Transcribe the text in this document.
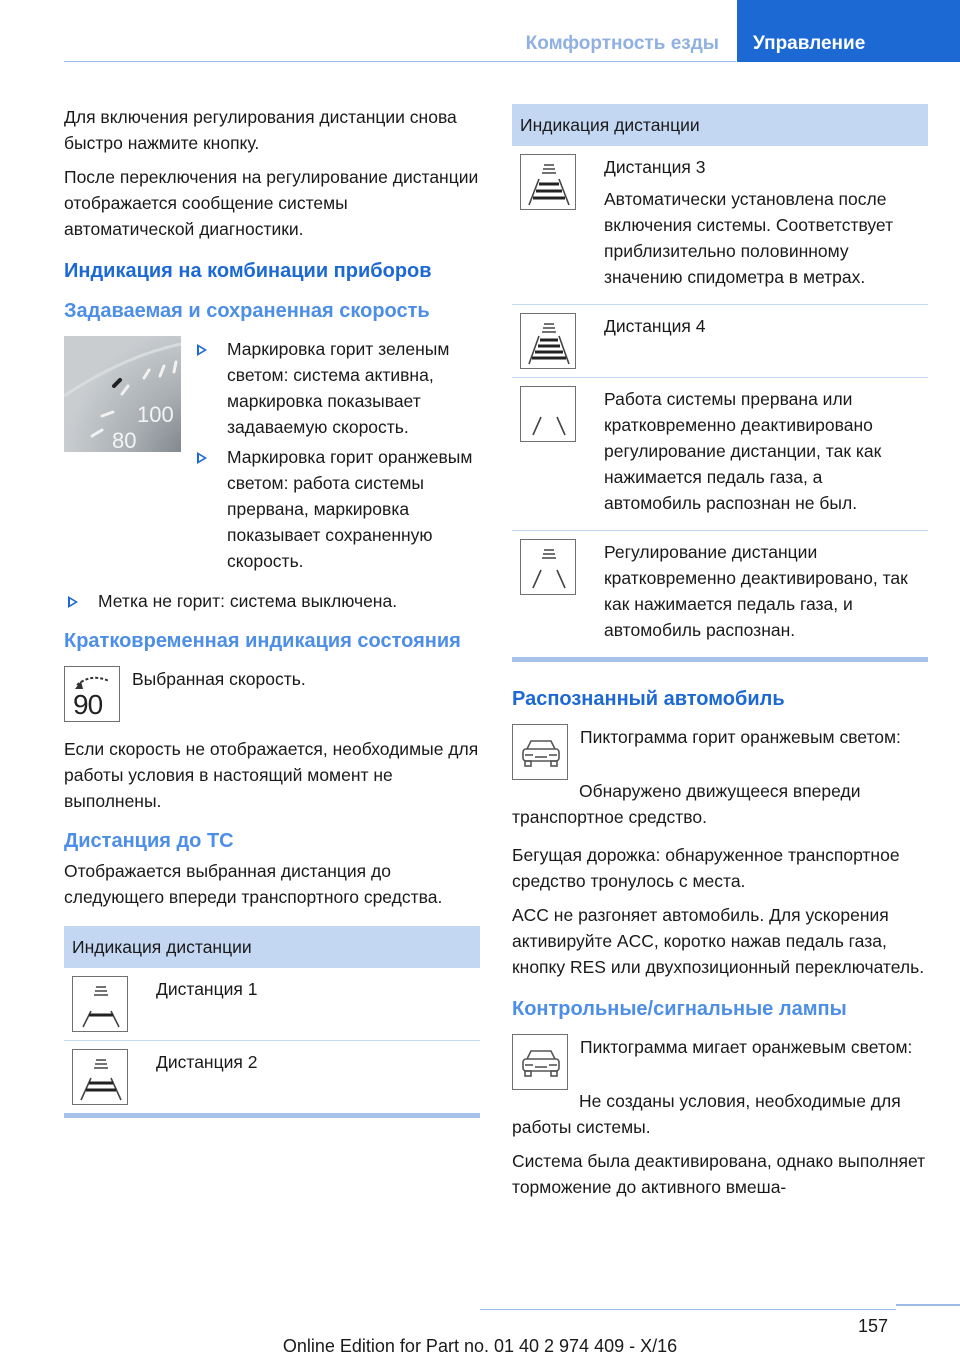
Комфортность езды	Управление

Для включения регулирования дистанции снова быстро нажмите кнопку.

После переключения на регулирование дистанции отображается сообщение системы автоматической диагностики.

Индикация на комбинации приборов
Задаваемая и сохраненная скорость
100
80
Маркировка горит зеленым светом: система активна, маркировка показывает задаваемую скорость.
Маркировка горит оранжевым светом: работа системы прервана, маркировка показывает сохраненную скорость.
Метка не горит: система выключена.
Кратковременная индикация состояния
90
Выбранная скорость.

Если скорость не отображается, необходимые для работы условия в настоящий момент не выполнены.

Дистанция до ТС

Отображается выбранная дистанция до следующего впереди транспортного средства.

Индикация дистанции

Дистанция 1

Дистанция 2

Индикация дистанции

Дистанция 3

Автоматически установлена после включения системы. Соответствует приблизительно половинному значению спидометра в метрах.

Дистанция 4

Работа системы прервана или кратковременно деактивировано регулирование дистанции, так как нажимается педаль газа, а автомобиль распознан не был.

Регулирование дистанции кратковременно деактивировано, так как нажимается педаль газа, и автомобиль распознан.

Распознанный автомобиль

Пиктограмма горит оранжевым светом:

Обнаружено движущееся впереди транспортное средство.

Бегущая дорожка: обнаруженное транспортное средство тронулось с места.

ACC не разгоняет автомобиль. Для ускорения активируйте ACC, коротко нажав педаль газа, кнопку RES или двухпозиционный переключатель.

Контрольные/сигнальные лампы

Пиктограмма мигает оранжевым светом:

Не созданы условия, необходимые для работы системы.

Система была деактивирована, однако выполняет торможение до активного вмеша-

157
Online Edition for Part no. 01 40 2 974 409 - X/16
